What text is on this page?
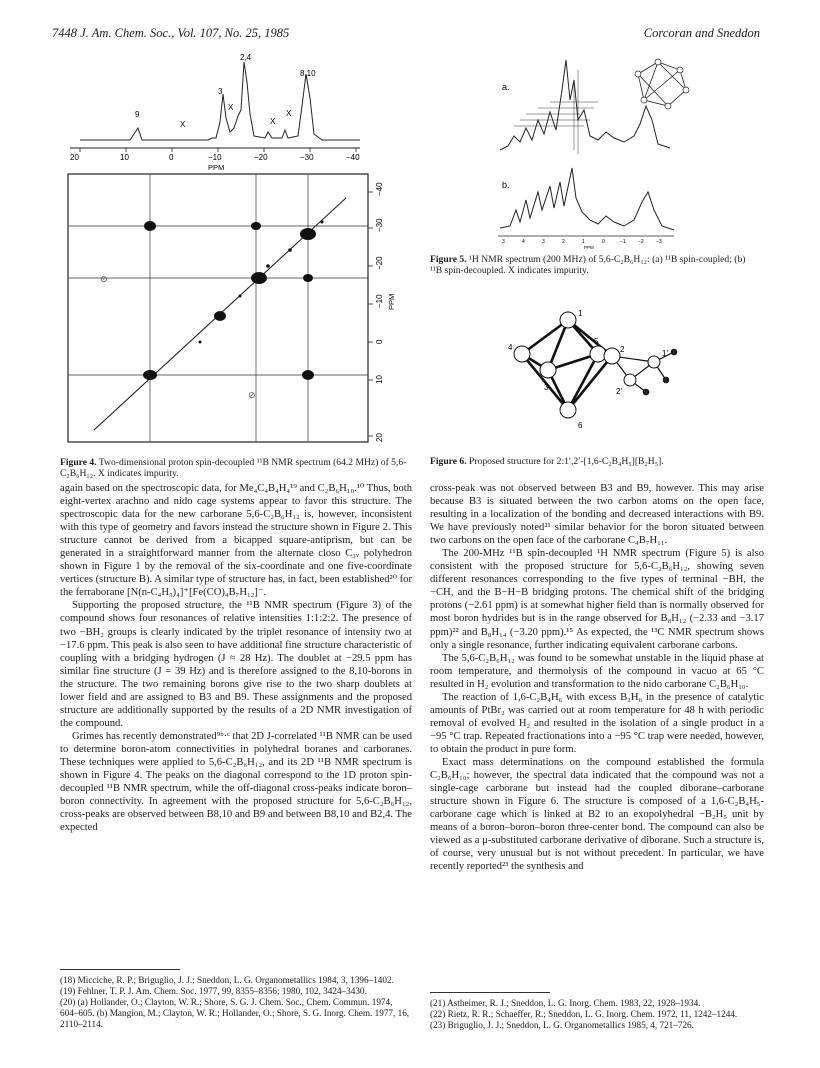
7448 J. Am. Chem. Soc., Vol. 107, No. 25, 1985	Corcoran and Sneddon
2,4
8,10
3
9
X
X
X
X
20	10	0	−10	−20	−30	−40
PPM
−40
−30
−20
−10
0
10
20
PPM
⊙
⊘

Figure 4. Two-dimensional proton spin-decoupled ¹¹B NMR spectrum (64.2 MHz) of 5,6-C₂B₆H₁₂. X indicates impurity.

a.
b.
3	4	3	2	1	0	−1 −2 −3
PPM

Figure 5. ¹H NMR spectrum (200 MHz) of 5,6-C₂B₆H₁₂: (a) ¹¹B spin-coupled; (b) ¹¹B spin-decoupled. X indicates impurity.

1
2
3
4
5
6
1'
2'

Figure 6. Proposed structure for 2:1′,2′-[1,6-C₂B₄H₅][B₂H₅].

again based on the spectroscopic data, for Me₄C₄B₄H₄¹⁹ and C₂B₆H₁₀.¹⁰ Thus, both eight-vertex arachno and nido cage systems appear to favor this structure. The spectroscopic data for the new carborane 5,6-C₂B₆H₁₂ is, however, inconsistent with this type of geometry and favors instead the structure shown in Figure 2. This structure cannot be derived from a bicapped square-antiprism, but can be generated in a straightforward manner from the alternate closo C₃ᵥ polyhedron shown in Figure 1 by the removal of the six-coordinate and one five-coordinate vertices (structure B). A similar type of structure has, in fact, been established²⁰ for the ferraborane [N(n-C₄H₉)₄]⁺[Fe(CO)₄B₇H₁₂]⁻.

Supporting the proposed structure, the ¹¹B NMR spectrum (Figure 3) of the compound shows four resonances of relative intensities 1:1:2:2. The presence of two −BH₂ groups is clearly indicated by the triplet resonance of intensity two at −17.6 ppm. This peak is also seen to have additional fine structure characteristic of coupling with a bridging hydrogen (J ≈ 28 Hz). The doublet at −29.5 ppm has similar fine structure (J = 39 Hz) and is therefore assigned to the 8,10-borons in the structure. The two remaining borons give rise to the two sharp doublets at lower field and are assigned to B3 and B9. These assignments and the proposed structure are additionally supported by the results of a 2D NMR investigation of the compound.

Grimes has recently demonstrated⁹ᵇ·ᶜ that 2D J-correlated ¹¹B NMR can be used to determine boron-atom connectivities in polyhedral boranes and carboranes. These techniques were applied to 5,6-C₂B₆H₁₂, and its 2D ¹¹B NMR spectrum is shown in Figure 4. The peaks on the diagonal correspond to the 1D proton spin-decoupled ¹¹B NMR spectrum, while the off-diagonal cross-peaks indicate boron–boron connectivity. In agreement with the proposed structure for 5,6-C₂B₆H₁₂, cross-peaks are observed between B8,10 and B9 and between B8,10 and B2,4. The expected

(18) Micciche, R. P.; Briguglio, J. J.; Sneddon, L. G. Organometallics 1984, 3, 1396–1402.
(19) Fehlner, T. P. J. Am. Chem. Soc. 1977, 99, 8355–8356; 1980, 102, 3424–3430.
(20) (a) Hollander, O.; Clayton, W. R.; Shore, S. G. J. Chem. Soc., Chem. Commun. 1974, 604–605. (b) Mangion, M.; Clayton, W. R.; Hollander, O.; Shore, S. G. Inorg. Chem. 1977, 16, 2110–2114.

cross-peak was not observed between B3 and B9, however. This may arise because B3 is situated between the two carbon atoms on the open face, resulting in a localization of the bonding and decreased interactions with B9. We have previously noted²¹ similar behavior for the boron situated between two carbons on the open face of the carborane C₄B₇H₁₁.

The 200-MHz ¹¹B spin-decoupled ¹H NMR spectrum (Figure 5) is also consistent with the proposed structure for 5,6-C₂B₆H₁₂, showing seven different resonances corresponding to the five types of terminal −BH, the −CH, and the B−H−B bridging protons. The chemical shift of the bridging protons (−2.61 ppm) is at somewhat higher field than is normally observed for most boron hydrides but is in the range observed for B₈H₁₂ (−2.33 and −3.17 ppm)²² and B₈H₁₄ (−3.20 ppm).¹⁵ As expected, the ¹³C NMR spectrum shows only a single resonance, further indicating equivalent carborane carbons.

The 5,6-C₂B₆H₁₂ was found to be somewhat unstable in the liquid phase at room temperature, and thermolysis of the compound in vacuo at 65 °C resulted in H₂ evolution and transformation to the nido carborane C₂B₆H₁₀.

The reaction of 1,6-C₂B₄H₆ with excess B₂H₆ in the presence of catalytic amounts of PtBr₂ was carried out at room temperature for 48 h with periodic removal of evolved H₂ and resulted in the isolation of a single product in a −95 °C trap. Repeated fractionations into a −95 °C trap were needed, however, to obtain the product in pure form.

Exact mass determinations on the compound established the formula C₂B₆H₁₀; however, the spectral data indicated that the compound was not a single-cage carborane but instead had the coupled diborane–carborane structure shown in Figure 6. The structure is composed of a 1,6-C₂B₄H₅-carborane cage which is linked at B2 to an exopolyhedral −B₂H₅ unit by means of a boron–boron–boron three-center bond. The compound can also be viewed as a μ-substituted carborane derivative of diborane. Such a structure is, of course, very unusual but is not without precedent. In particular, we have recently reported²³ the synthesis and

(21) Astheimer, R. J.; Sneddon, L. G. Inorg. Chem. 1983, 22, 1928–1934.
(22) Rietz, R. R.; Schaeffer, R.; Sneddon, L. G. Inorg. Chem. 1972, 11, 1242–1244.
(23) Briguglio, J. J.; Sneddon, L. G. Organometallics 1985, 4, 721–726.
